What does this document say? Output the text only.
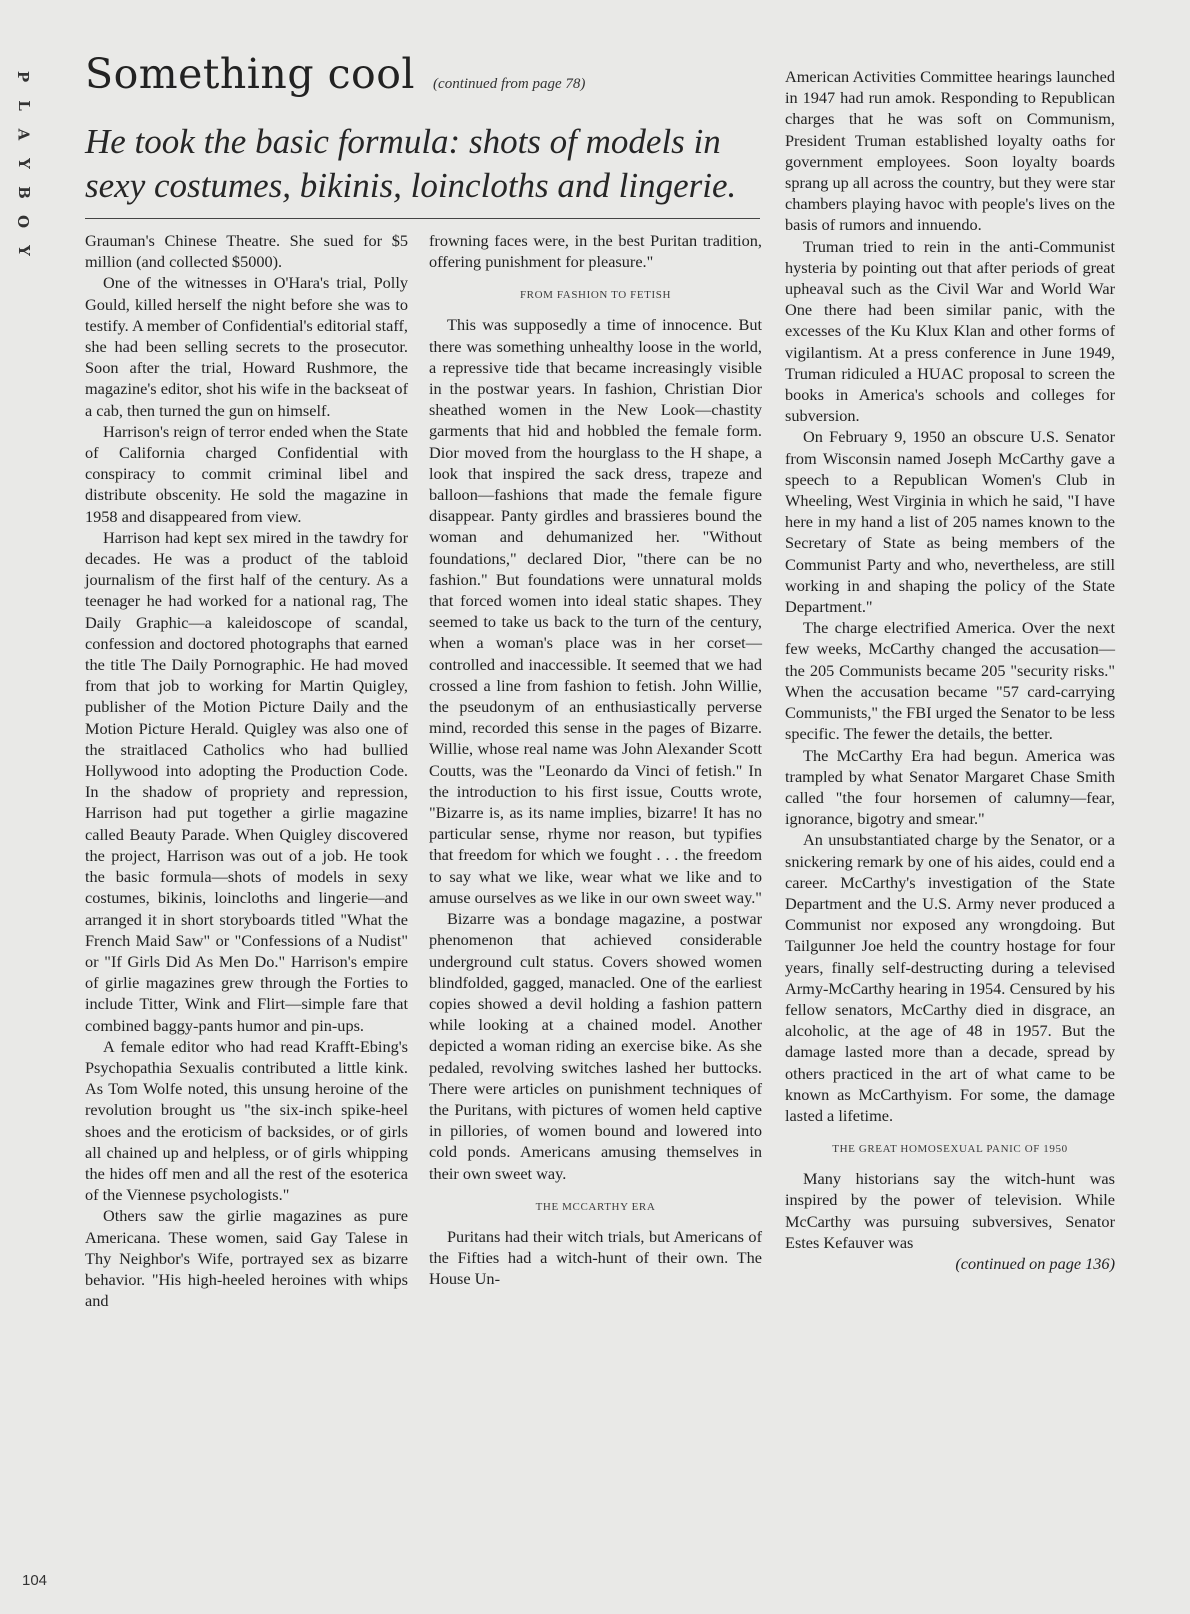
P
L
A
Y
B
O
Y
Something cool (continued from page 78)
He took the basic formula: shots of models in sexy costumes, bikinis, loincloths and lingerie.

Grauman's Chinese Theatre. She sued for $5 million (and collected $5000).

One of the witnesses in O'Hara's trial, Polly Gould, killed herself the night before she was to testify. A member of Confidential's editorial staff, she had been selling secrets to the prosecutor. Soon after the trial, Howard Rushmore, the magazine's editor, shot his wife in the backseat of a cab, then turned the gun on himself.

Harrison's reign of terror ended when the State of California charged Confidential with conspiracy to commit criminal libel and distribute obscenity. He sold the magazine in 1958 and disappeared from view.

Harrison had kept sex mired in the tawdry for decades. He was a product of the tabloid journalism of the first half of the century. As a teenager he had worked for a national rag, The Daily Graphic—a kaleidoscope of scandal, confession and doctored photographs that earned the title The Daily Pornographic. He had moved from that job to working for Martin Quigley, publisher of the Motion Picture Daily and the Motion Picture Herald. Quigley was also one of the straitlaced Catholics who had bullied Hollywood into adopting the Production Code. In the shadow of propriety and repression, Harrison had put together a girlie magazine called Beauty Parade. When Quigley discovered the project, Harrison was out of a job. He took the basic formula—shots of models in sexy costumes, bikinis, loincloths and lingerie—and arranged it in short storyboards titled "What the French Maid Saw" or "Confessions of a Nudist" or "If Girls Did As Men Do." Harrison's empire of girlie magazines grew through the Forties to include Titter, Wink and Flirt—simple fare that combined baggy-pants humor and pin-ups.

A female editor who had read Krafft-Ebing's Psychopathia Sexualis contributed a little kink. As Tom Wolfe noted, this unsung heroine of the revolution brought us "the six-inch spike-heel shoes and the eroticism of backsides, or of girls all chained up and helpless, or of girls whipping the hides off men and all the rest of the esoterica of the Viennese psychologists."

Others saw the girlie magazines as pure Americana. These women, said Gay Talese in Thy Neighbor's Wife, portrayed sex as bizarre behavior. "His high-heeled heroines with whips and

frowning faces were, in the best Puritan tradition, offering punishment for pleasure."

FROM FASHION TO FETISH

This was supposedly a time of innocence. But there was something unhealthy loose in the world, a repressive tide that became increasingly visible in the postwar years. In fashion, Christian Dior sheathed women in the New Look—chastity garments that hid and hobbled the female form. Dior moved from the hourglass to the H shape, a look that inspired the sack dress, trapeze and balloon—fashions that made the female figure disappear. Panty girdles and brassieres bound the woman and dehumanized her. "Without foundations," declared Dior, "there can be no fashion." But foundations were unnatural molds that forced women into ideal static shapes. They seemed to take us back to the turn of the century, when a woman's place was in her corset—controlled and inaccessible. It seemed that we had crossed a line from fashion to fetish. John Willie, the pseudonym of an enthusiastically perverse mind, recorded this sense in the pages of Bizarre. Willie, whose real name was John Alexander Scott Coutts, was the "Leonardo da Vinci of fetish." In the introduction to his first issue, Coutts wrote, "Bizarre is, as its name implies, bizarre! It has no particular sense, rhyme nor reason, but typifies that freedom for which we fought . . . the freedom to say what we like, wear what we like and to amuse ourselves as we like in our own sweet way."

Bizarre was a bondage magazine, a postwar phenomenon that achieved considerable underground cult status. Covers showed women blindfolded, gagged, manacled. One of the earliest copies showed a devil holding a fashion pattern while looking at a chained model. Another depicted a woman riding an exercise bike. As she pedaled, revolving switches lashed her buttocks. There were articles on punishment techniques of the Puritans, with pictures of women held captive in pillories, of women bound and lowered into cold ponds. Americans amusing themselves in their own sweet way.

THE MCCARTHY ERA

Puritans had their witch trials, but Americans of the Fifties had a witch-hunt of their own. The House Un-

American Activities Committee hearings launched in 1947 had run amok. Responding to Republican charges that he was soft on Communism, President Truman established loyalty oaths for government employees. Soon loyalty boards sprang up all across the country, but they were star chambers playing havoc with people's lives on the basis of rumors and innuendo.

Truman tried to rein in the anti-Communist hysteria by pointing out that after periods of great upheaval such as the Civil War and World War One there had been similar panic, with the excesses of the Ku Klux Klan and other forms of vigilantism. At a press conference in June 1949, Truman ridiculed a HUAC proposal to screen the books in America's schools and colleges for subversion.

On February 9, 1950 an obscure U.S. Senator from Wisconsin named Joseph McCarthy gave a speech to a Republican Women's Club in Wheeling, West Virginia in which he said, "I have here in my hand a list of 205 names known to the Secretary of State as being members of the Communist Party and who, nevertheless, are still working in and shaping the policy of the State Department."

The charge electrified America. Over the next few weeks, McCarthy changed the accusation—the 205 Communists became 205 "security risks." When the accusation became "57 card-carrying Communists," the FBI urged the Senator to be less specific. The fewer the details, the better.

The McCarthy Era had begun. America was trampled by what Senator Margaret Chase Smith called "the four horsemen of calumny—fear, ignorance, bigotry and smear."

An unsubstantiated charge by the Senator, or a snickering remark by one of his aides, could end a career. McCarthy's investigation of the State Department and the U.S. Army never produced a Communist nor exposed any wrongdoing. But Tailgunner Joe held the country hostage for four years, finally self-destructing during a televised Army-McCarthy hearing in 1954. Censured by his fellow senators, McCarthy died in disgrace, an alcoholic, at the age of 48 in 1957. But the damage lasted more than a decade, spread by others practiced in the art of what came to be known as McCarthyism. For some, the damage lasted a lifetime.

THE GREAT HOMOSEXUAL PANIC OF 1950

Many historians say the witch-hunt was inspired by the power of television. While McCarthy was pursuing subversives, Senator Estes Kefauver was

(continued on page 136)
104
